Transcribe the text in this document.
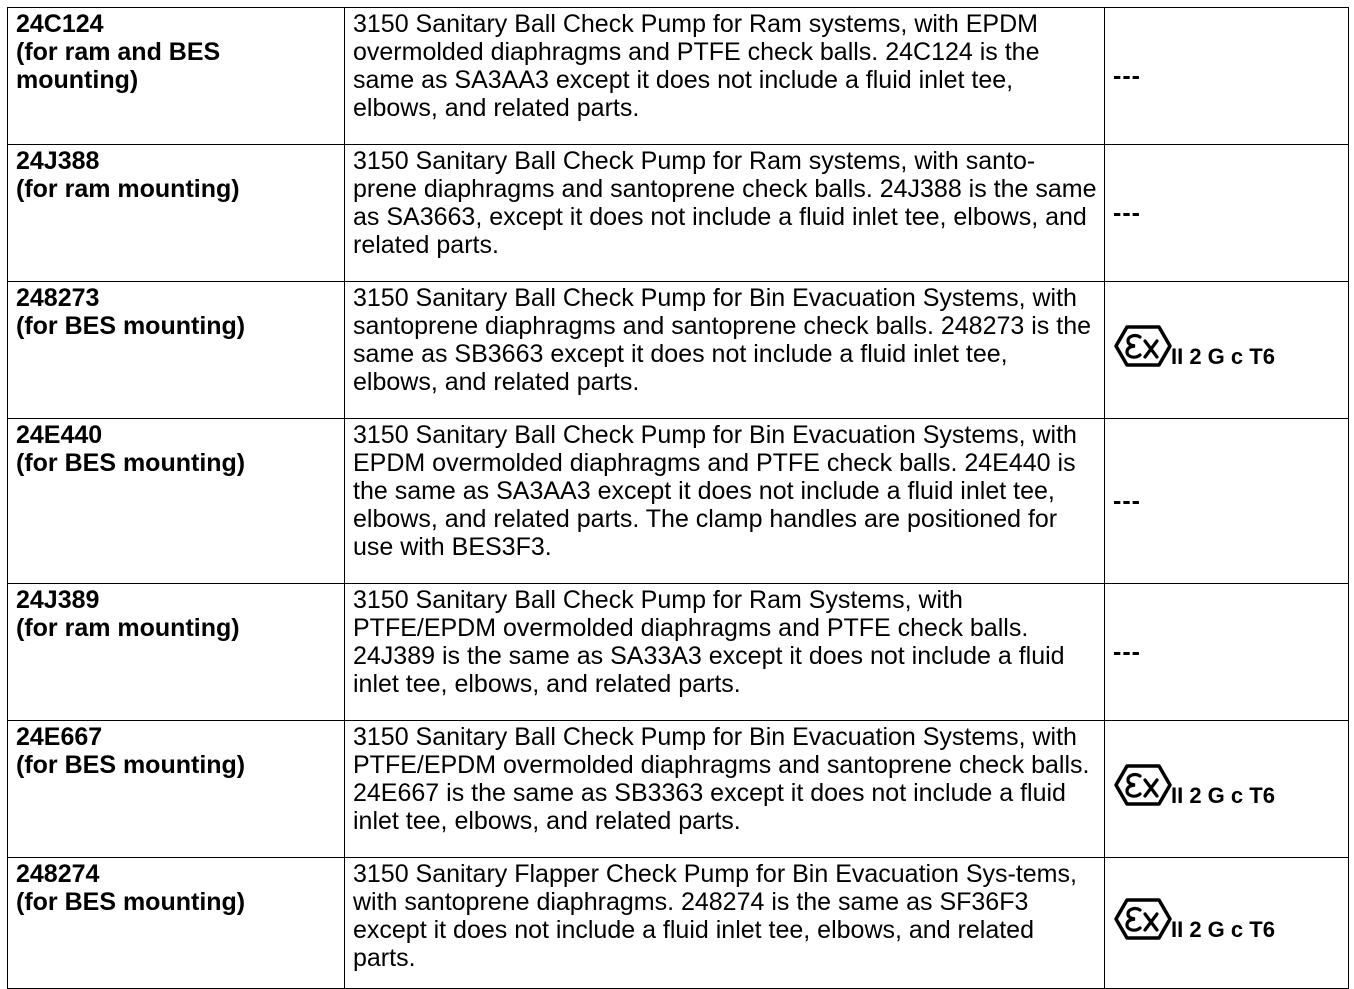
24C124
(for ram and BES mounting)	3150 Sanitary Ball Check Pump for Ram systems, with EPDM overmolded diaphragms and PTFE check balls. 24C124 is the same as SA3AA3 except it does not include a fluid inlet tee, elbows, and related parts.	---

24J388
(for ram mounting)	3150 Sanitary Ball Check Pump for Ram systems, with santo-prene diaphragms and santoprene check balls. 24J388 is the same as SA3663, except it does not include a fluid inlet tee, elbows, and related parts.	---

248273
(for BES mounting)	3150 Sanitary Ball Check Pump for Bin Evacuation Systems, with santoprene diaphragms and santoprene check balls. 248273 is the same as SB3663 except it does not include a fluid inlet tee, elbows, and related parts.	II 2 G c T6

24E440
(for BES mounting)	3150 Sanitary Ball Check Pump for Bin Evacuation Systems, with EPDM overmolded diaphragms and PTFE check balls. 24E440 is the same as SA3AA3 except it does not include a fluid inlet tee, elbows, and related parts. The clamp handles are positioned for use with BES3F3.	---

24J389
(for ram mounting)	3150 Sanitary Ball Check Pump for Ram Systems, with PTFE/EPDM overmolded diaphragms and PTFE check balls. 24J389 is the same as SA33A3 except it does not include a fluid inlet tee, elbows, and related parts.	---

24E667
(for BES mounting)	3150 Sanitary Ball Check Pump for Bin Evacuation Systems, with PTFE/EPDM overmolded diaphragms and santoprene check balls. 24E667 is the same as SB3363 except it does not include a fluid inlet tee, elbows, and related parts.	II 2 G c T6

248274
(for BES mounting)	3150 Sanitary Flapper Check Pump for Bin Evacuation Sys-tems, with santoprene diaphragms. 248274 is the same as SF36F3 except it does not include a fluid inlet tee, elbows, and related parts.	II 2 G c T6
